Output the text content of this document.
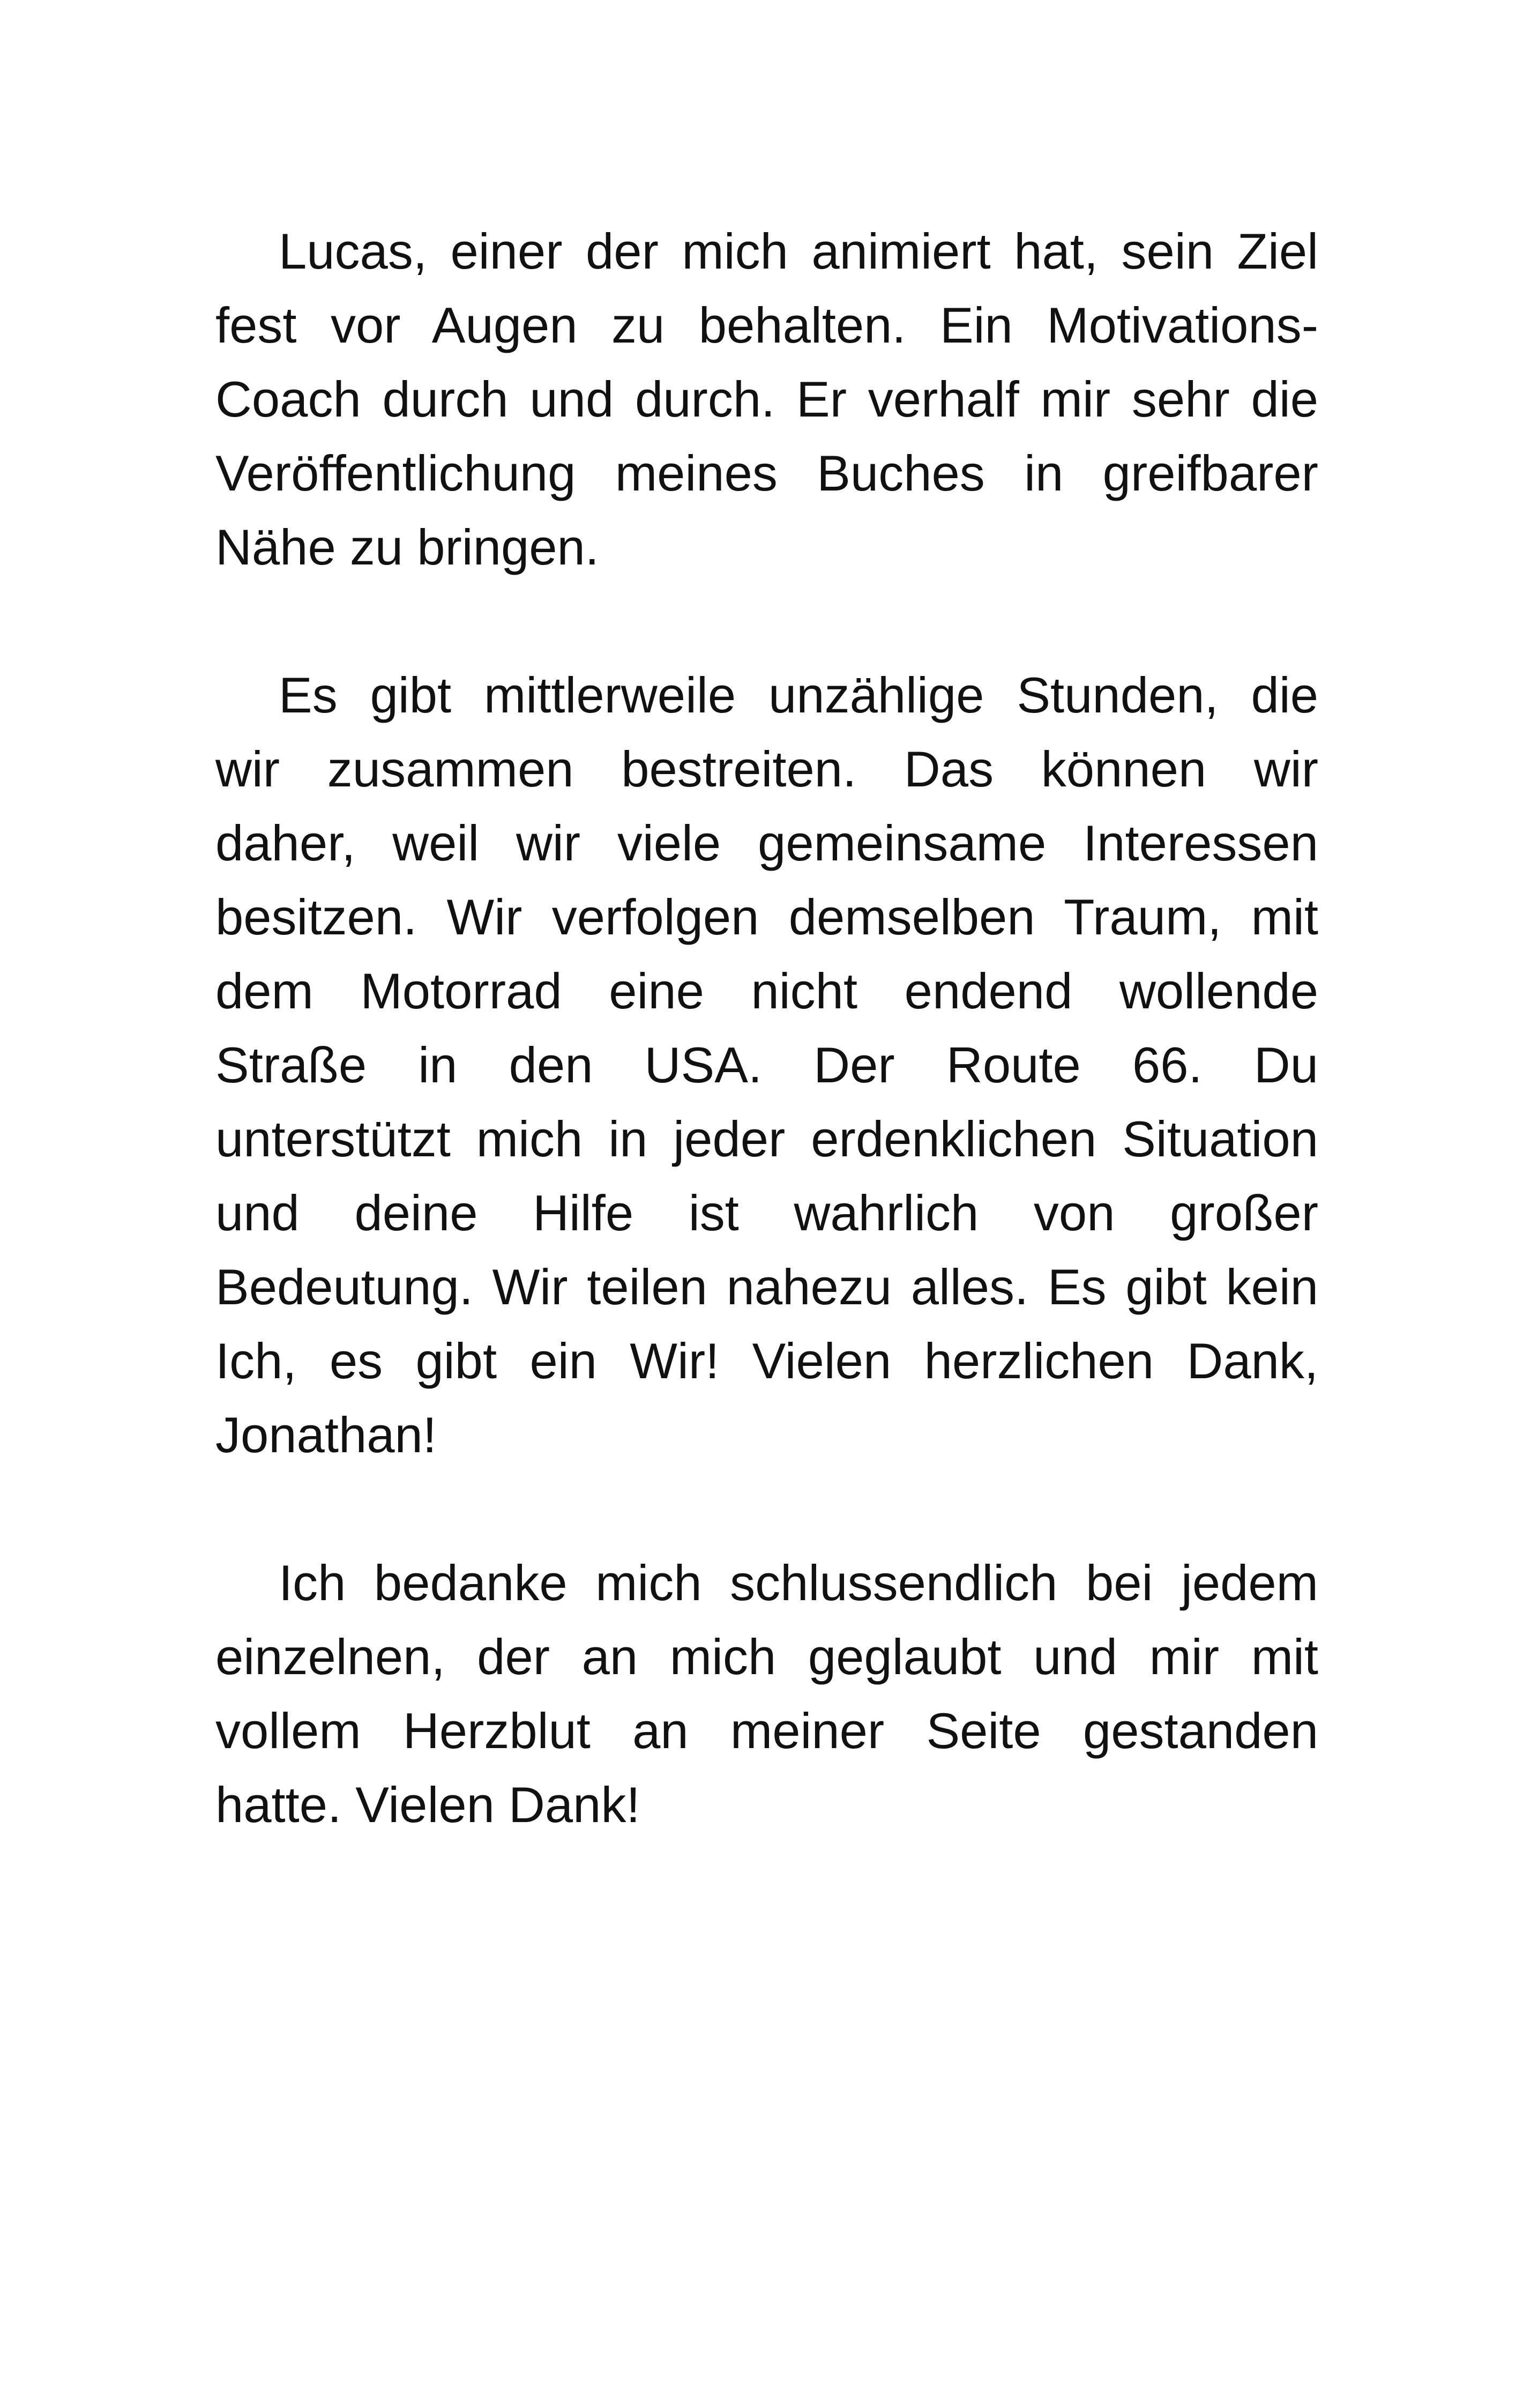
Lucas, einer der mich animiert hat, sein Ziel
fest vor Augen zu behalten. Ein Motivations-
Coach durch und durch. Er verhalf mir sehr die
Veröffentlichung meines Buches in greifbarer
Nähe zu bringen.
Es gibt mittlerweile unzählige Stunden, die
wir zusammen bestreiten. Das können wir
daher, weil wir viele gemeinsame Interessen
besitzen. Wir verfolgen demselben Traum, mit
dem Motorrad eine nicht endend wollende
Straße in den USA. Der Route 66. Du
unterstützt mich in jeder erdenklichen Situation
und deine Hilfe ist wahrlich von großer
Bedeutung. Wir teilen nahezu alles. Es gibt kein
Ich, es gibt ein Wir! Vielen herzlichen Dank,
Jonathan!
Ich bedanke mich schlussendlich bei jedem
einzelnen, der an mich geglaubt und mir mit
vollem Herzblut an meiner Seite gestanden
hatte. Vielen Dank!
